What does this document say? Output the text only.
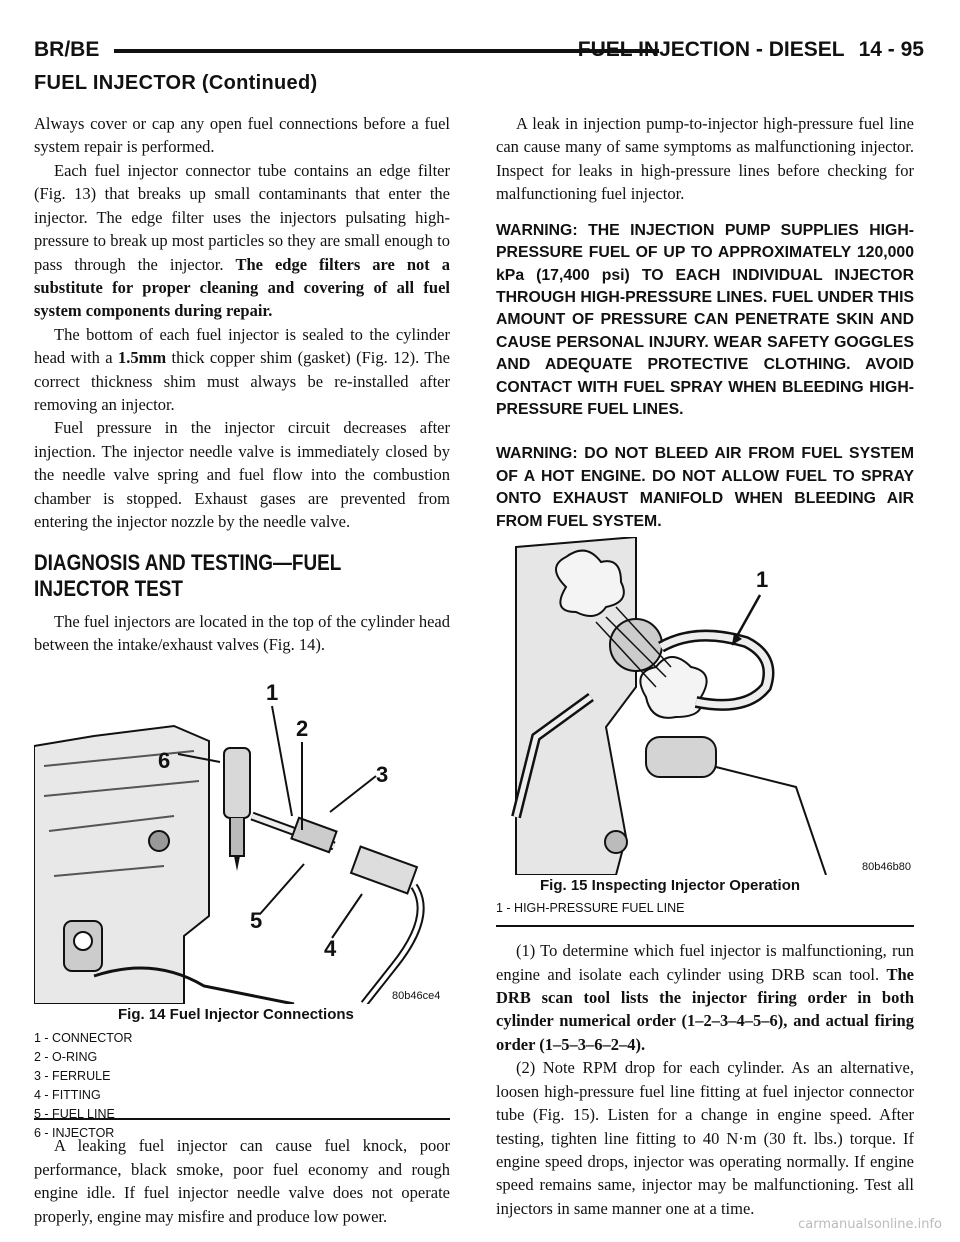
BR/BE	FUEL INJECTION - DIESEL 14 - 95
FUEL INJECTOR (Continued)

Always cover or cap any open fuel connections before a fuel system repair is performed.

Each fuel injector connector tube contains an edge filter (Fig. 13) that breaks up small contaminants that enter the injector. The edge filter uses the injectors pulsating high-pressure to break up most particles so they are small enough to pass through the injector. The edge filters are not a substitute for proper cleaning and covering of all fuel system components during repair.

The bottom of each fuel injector is sealed to the cylinder head with a 1.5mm thick copper shim (gasket) (Fig. 12). The correct thickness shim must always be re-installed after removing an injector.

Fuel pressure in the injector circuit decreases after injection. The injector needle valve is immediately closed by the needle valve spring and fuel flow into the combustion chamber is stopped. Exhaust gases are prevented from entering the injector nozzle by the needle valve.

DIAGNOSIS AND TESTING—FUEL INJECTOR TEST

The fuel injectors are located in the top of the cylinder head between the intake/exhaust valves (Fig. 14).

1
2
3
4
5
6
80b46ce4
Fig. 14 Fuel Injector Connections
1 - CONNECTOR
2 - O-RING
3 - FERRULE
4 - FITTING
5 - FUEL LINE
6 - INJECTOR

A leaking fuel injector can cause fuel knock, poor performance, black smoke, poor fuel economy and rough engine idle. If fuel injector needle valve does not operate properly, engine may misfire and produce low power.

A leak in injection pump-to-injector high-pressure fuel line can cause many of same symptoms as malfunctioning injector. Inspect for leaks in high-pressure lines before checking for malfunctioning fuel injector.

WARNING: THE INJECTION PUMP SUPPLIES HIGH-PRESSURE FUEL OF UP TO APPROXIMATELY 120,000 kPa (17,400 psi) TO EACH INDIVIDUAL INJECTOR THROUGH HIGH-PRESSURE LINES. FUEL UNDER THIS AMOUNT OF PRESSURE CAN PENETRATE SKIN AND CAUSE PERSONAL INJURY. WEAR SAFETY GOGGLES AND ADEQUATE PROTECTIVE CLOTHING. AVOID CONTACT WITH FUEL SPRAY WHEN BLEEDING HIGH-PRESSURE FUEL LINES.

WARNING: DO NOT BLEED AIR FROM FUEL SYSTEM OF A HOT ENGINE. DO NOT ALLOW FUEL TO SPRAY ONTO EXHAUST MANIFOLD WHEN BLEEDING AIR FROM FUEL SYSTEM.

1
80b46b80
Fig. 15 Inspecting Injector Operation
1 - HIGH-PRESSURE FUEL LINE

(1) To determine which fuel injector is malfunctioning, run engine and isolate each cylinder using DRB scan tool. The DRB scan tool lists the injector firing order in both cylinder numerical order (1–2–3–4–5–6), and actual firing order (1–5–3–6–2–4).

(2) Note RPM drop for each cylinder. As an alternative, loosen high-pressure fuel line fitting at fuel injector connector tube (Fig. 15). Listen for a change in engine speed. After testing, tighten line fitting to 40 N·m (30 ft. lbs.) torque. If engine speed drops, injector was operating normally. If engine speed remains same, injector may be malfunctioning. Test all injectors in same manner one at a time.

carmanualsonline.info
